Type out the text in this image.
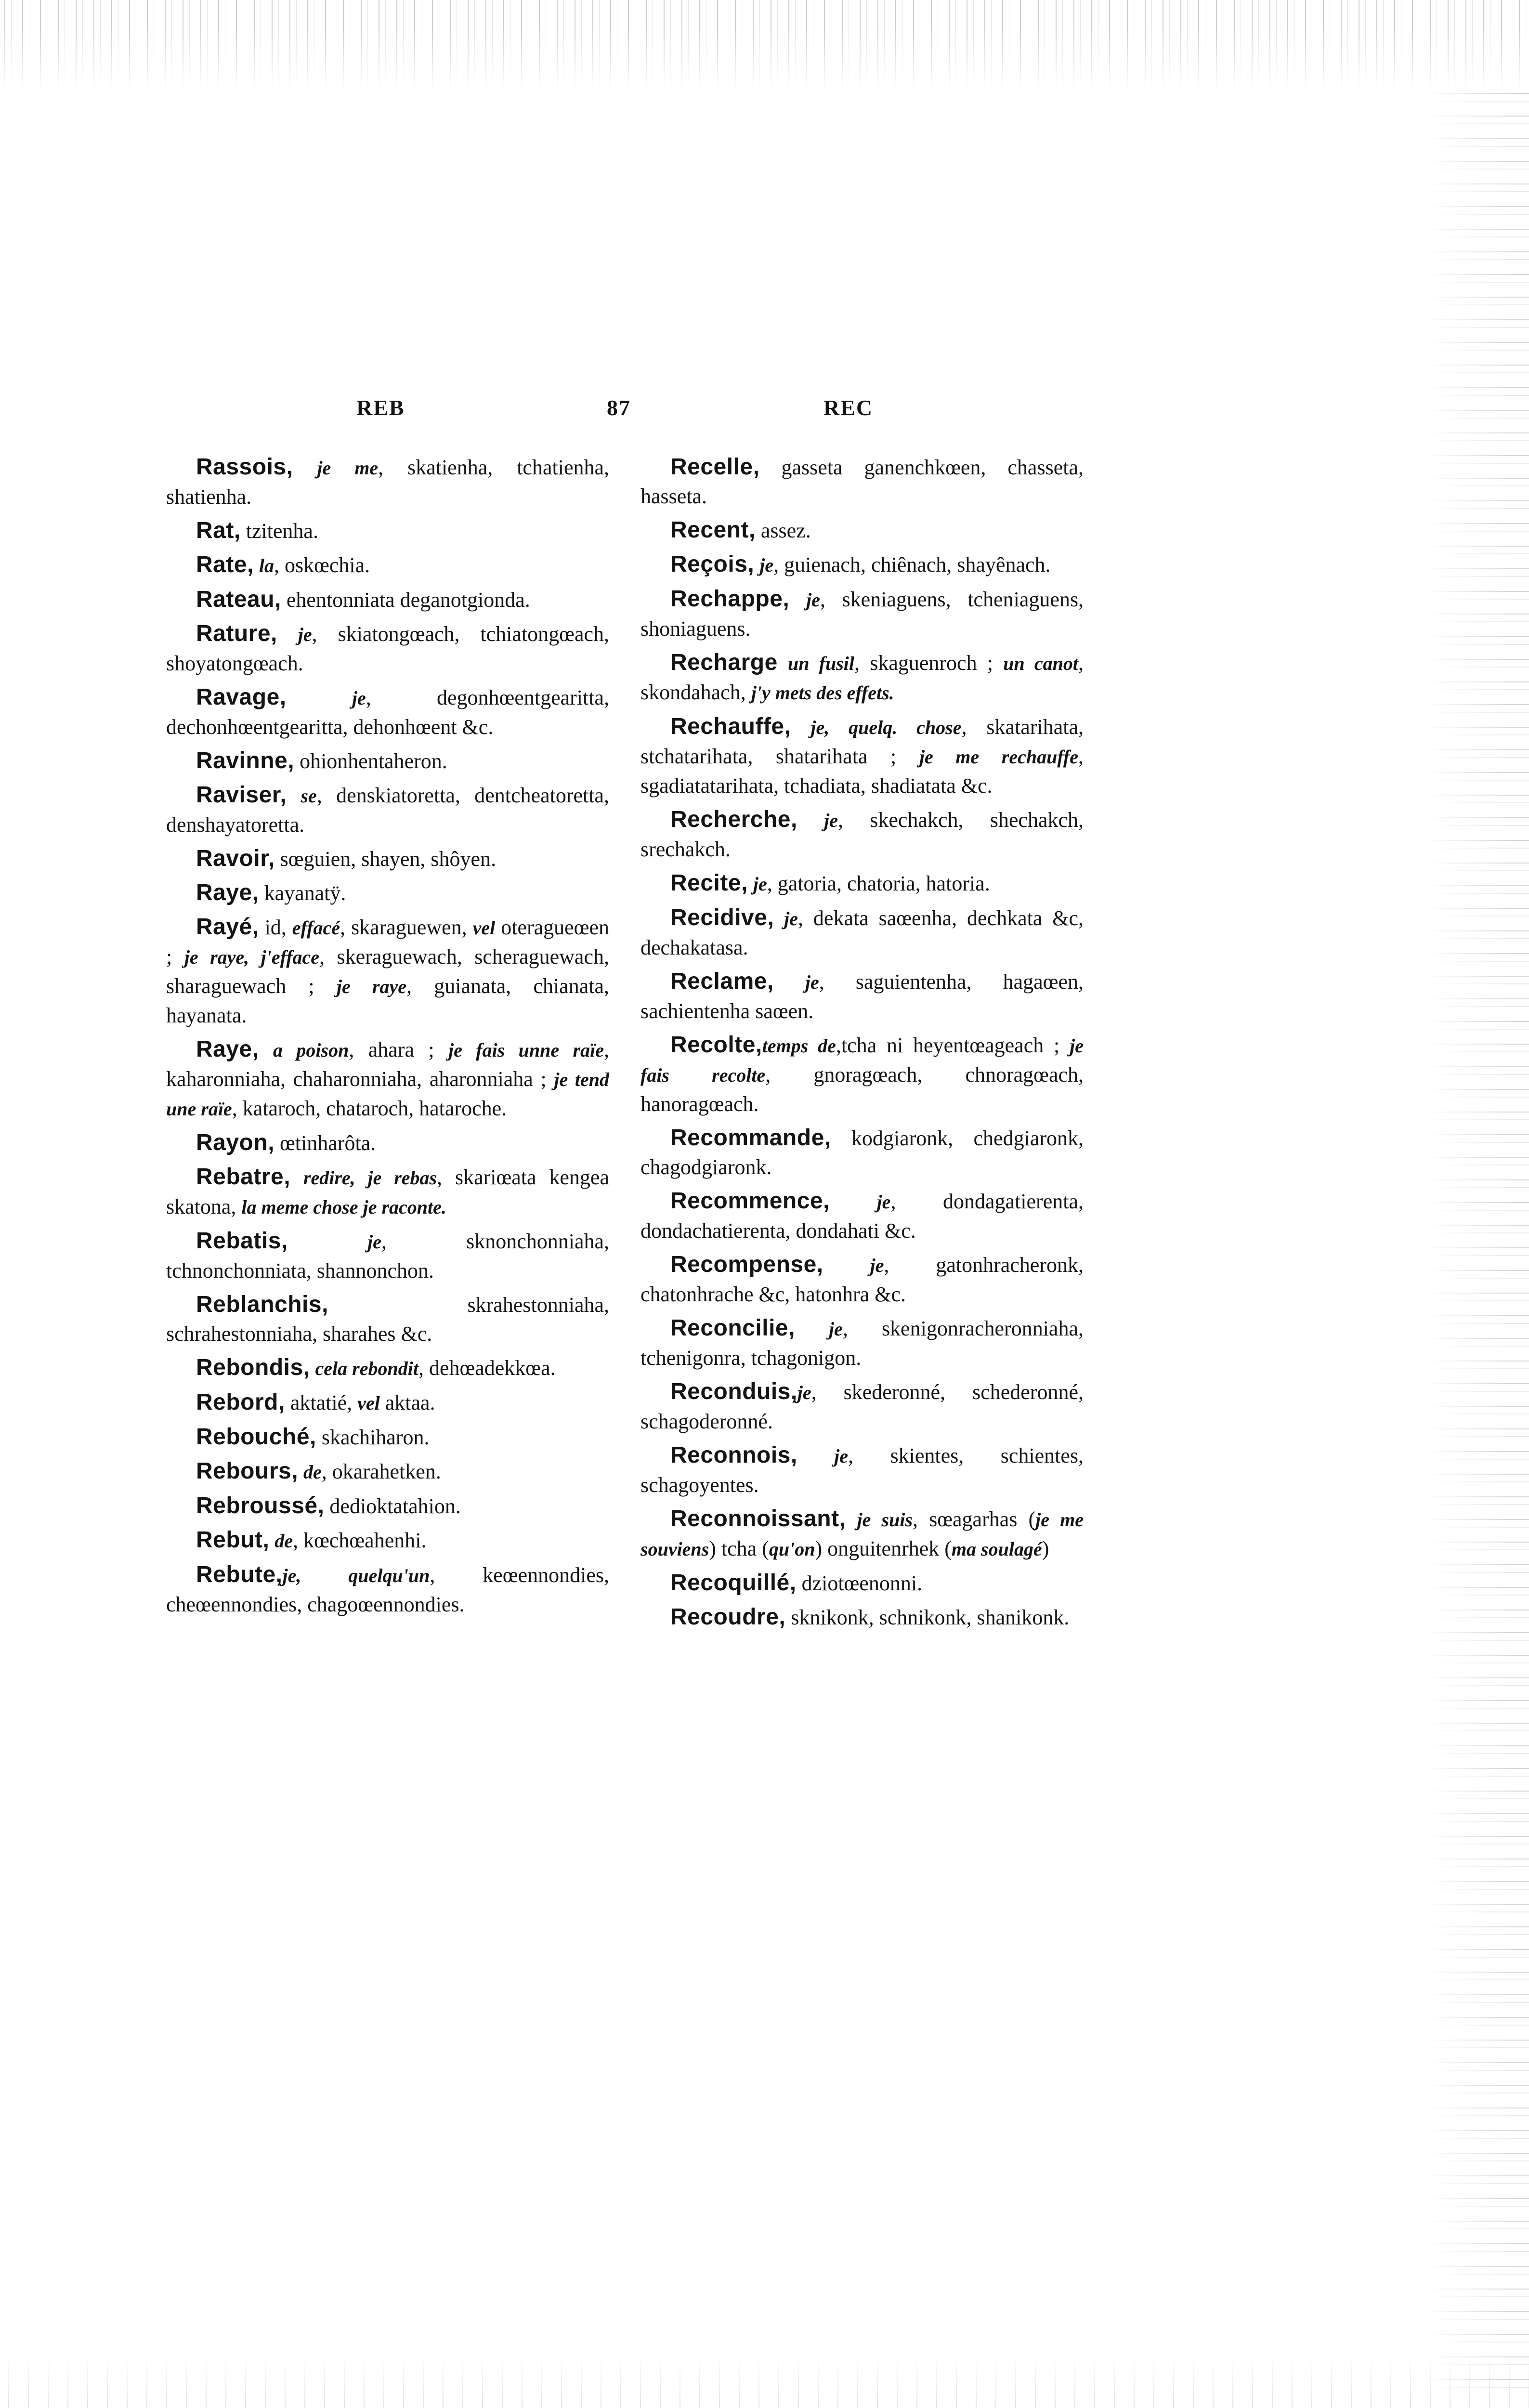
REB	87	REC

Rassois, je me, skatienha, tchatienha, shatienha.

Rat, tzitenha.

Rate, la, oskœchia.

Rateau, ehentonniata deganotgionda.

Rature, je, skiatongœach, tchiatongœach, shoyatongœach.

Ravage,	je, degonhœentgearitta, dechonhœentgearitta, dehonhœent &c.

Ravinne, ohionhentaheron.

Raviser, se, denskiatoretta, dentcheatoretta, denshayatoretta.

Ravoir, sœguien, shayen, shôyen.

Raye, kayanatÿ.

Rayé, id, effacé, skaraguewen, vel oteragueœen ; je raye, j'efface, skeraguewach, scheraguewach, sharaguewach ; je raye, guianata, chianata, hayanata.

Raye, a poison, ahara ; je fais unne raïe, kaharonniaha, chaharonniaha, aharonniaha ; je tend une raïe, kataroch, chataroch, hataroche.

Rayon, œtinharôta.

Rebatre, redire, je rebas, skariœata kengea skatona, la meme chose je raconte.

Rebatis,	je, sknonchonniaha, tchnonchonniata, shannonchon.

Reblanchis, skrahestonniaha, schrahestonniaha, sharahes &c.

Rebondis, cela rebondit, dehœadekkœa.

Rebord, aktatié, vel aktaa.

Rebouché, skachiharon.

Rebours, de, okarahetken.

Rebroussé, dedioktatahion.

Rebut, de, kœchœahenhi.

Rebute,je, quelqu'un, keœennondies, cheœennondies, chagoœennondies.

Recelle, gasseta ganenchkœen, chasseta, hasseta.

Recent, assez.

Reçois, je, guienach, chiênach, shayênach.

Rechappe, je, skeniaguens, tcheniaguens, shoniaguens.

Recharge un fusil, skaguenroch ; un canot, skondahach, j'y mets des effets.

Rechauffe, je, quelq. chose, skatarihata, stchatarihata, shatarihata ; je me rechauffe, sgadiatatarihata, tchadiata, shadiatata &c.

Recherche, je, skechakch, shechakch, srechakch.

Recite, je, gatoria, chatoria, hatoria.

Recidive, je, dekata saœenha, dechkata &c, dechakatasa.

Reclame, je, saguientenha, hagaœen, sachientenha saœen.

Recolte,temps de,tcha ni heyentœageach ; je fais recolte, gnoragœach, chnoragœach, hanoragœach.

Recommande, kodgiaronk, chedgiaronk, chagodgiaronk.

Recommence, je, dondagatierenta, dondachatierenta, dondahati &c.

Recompense, je, gatonhracheronk, chatonhrache &c, hatonhra &c.

Reconcilie, je, skenigonracheronniaha, tchenigonra, tchagonigon.

Reconduis,je, skederonné, schederonné, schagoderonné.

Reconnois, je, skientes, schientes, schagoyentes.

Reconnoissant, je suis, sœagarhas (je me souviens) tcha (qu'on) onguitenrhek (ma soulagé)

Recoquillé, dziotœenonni.

Recoudre, sknikonk, schnikonk, shanikonk.
